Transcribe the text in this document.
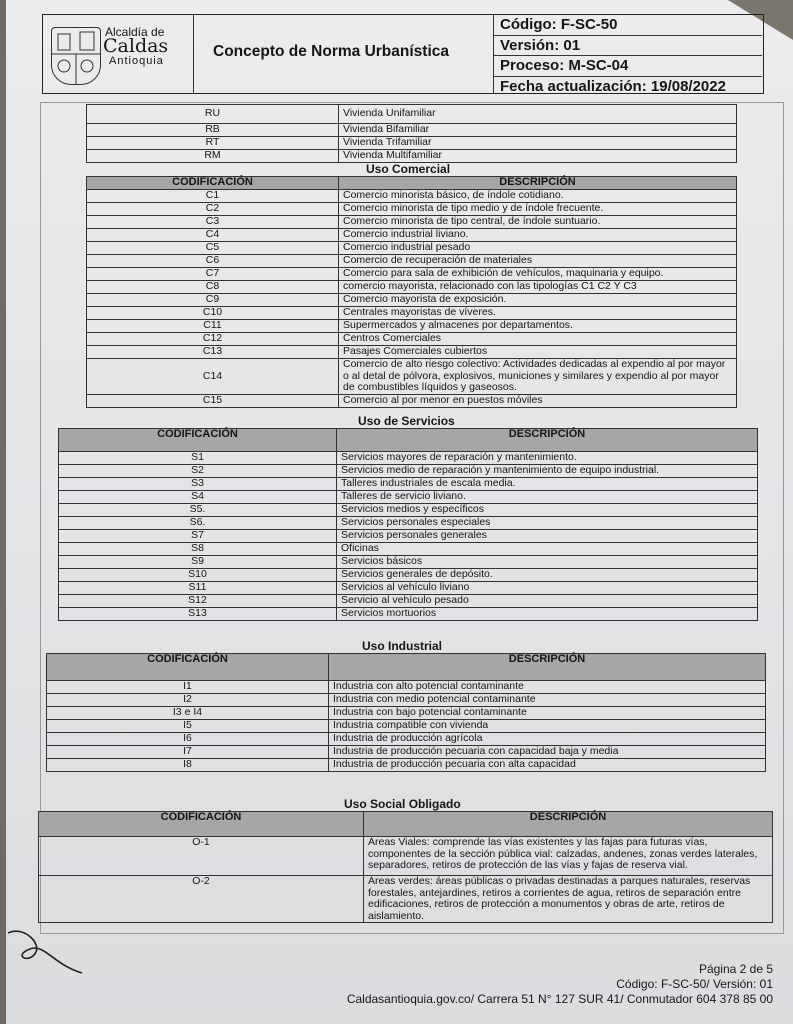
Alcaldía de
Caldas
Antioquia
Concepto de Norma Urbanística
Código: F-SC-50
Versión: 01
Proceso: M-SC-04
Fecha actualización: 19/08/2022
RU	Vivienda Unifamiliar
RB	Vivienda Bifamiliar
RT	Vivienda Trifamiliar
RM	Vivienda Multifamiliar
Uso Comercial
CODIFICACIÓN	DESCRIPCIÓN
C1	Comercio minorista básico, de índole cotidiano.
C2	Comercio minorista de tipo medio y de índole frecuente.
C3	Comercio minorista de tipo central, de índole suntuario.
C4	Comercio industrial liviano.
C5	Comercio industrial pesado
C6	Comercio de recuperación de materiales
C7	Comercio para sala de exhibición de vehículos, maquinaria y equipo.
C8	comercio mayorista, relacionado con las tipologías C1 C2 Y C3
C9	Comercio mayorista de exposición.
C10	Centrales mayoristas de víveres.
C11	Supermercados y almacenes por departamentos.
C12	Centros Comerciales
C13	Pasajes Comerciales cubiertos
C14	Comercio de alto riesgo colectivo: Actividades dedicadas al expendio al por mayor o al detal de pólvora, explosivos, municiones y similares y expendio al por mayor de combustibles líquidos y gaseosos.
C15	Comercio al por menor en puestos móviles
Uso de Servicios
CODIFICACIÓN	DESCRIPCIÓN
S1	Servicios mayores de reparación y mantenimiento.
S2	Servicios medio de reparación y mantenimiento de equipo industrial.
S3	Talleres industriales de escala media.
S4	Talleres de servicio liviano.
S5.	Servicios medios y específicos
S6.	Servicios personales especiales
S7	Servicios personales generales
S8	Oficinas
S9	Servicios básicos
S10	Servicios generales de depósito.
S11	Servicios al vehículo liviano
S12	Servicio al vehículo pesado
S13	Servicios mortuorios
Uso Industrial
CODIFICACIÓN	DESCRIPCIÓN
I1	Industria con alto potencial contaminante
I2	Industria con medio potencial contaminante
I3 e I4	Industria con bajo potencial contaminante
I5	Industria compatible con vivienda
I6	Industria de producción agrícola
I7	Industria de producción pecuaria con capacidad baja y media
I8	Industria de producción pecuaria con alta capacidad
Uso Social Obligado
CODIFICACIÓN	DESCRIPCIÓN
O-1	Áreas Viales: comprende las vías existentes y las fajas para futuras vías, componentes de la sección pública vial: calzadas, andenes, zonas verdes laterales, separadores, retiros de protección de las vías y fajas de reserva vial.
O-2	Áreas verdes: áreas públicas o privadas destinadas a parques naturales, reservas forestales, antejardines, retiros a corrientes de agua, retiros de separación entre edificaciones, retiros de protección a monumentos y obras de arte, retiros de aislamiento.
Página 2 de 5
Código: F-SC-50/ Versión: 01
Caldasantioquia.gov.co/ Carrera 51 N° 127 SUR 41/ Conmutador 604 378 85 00
